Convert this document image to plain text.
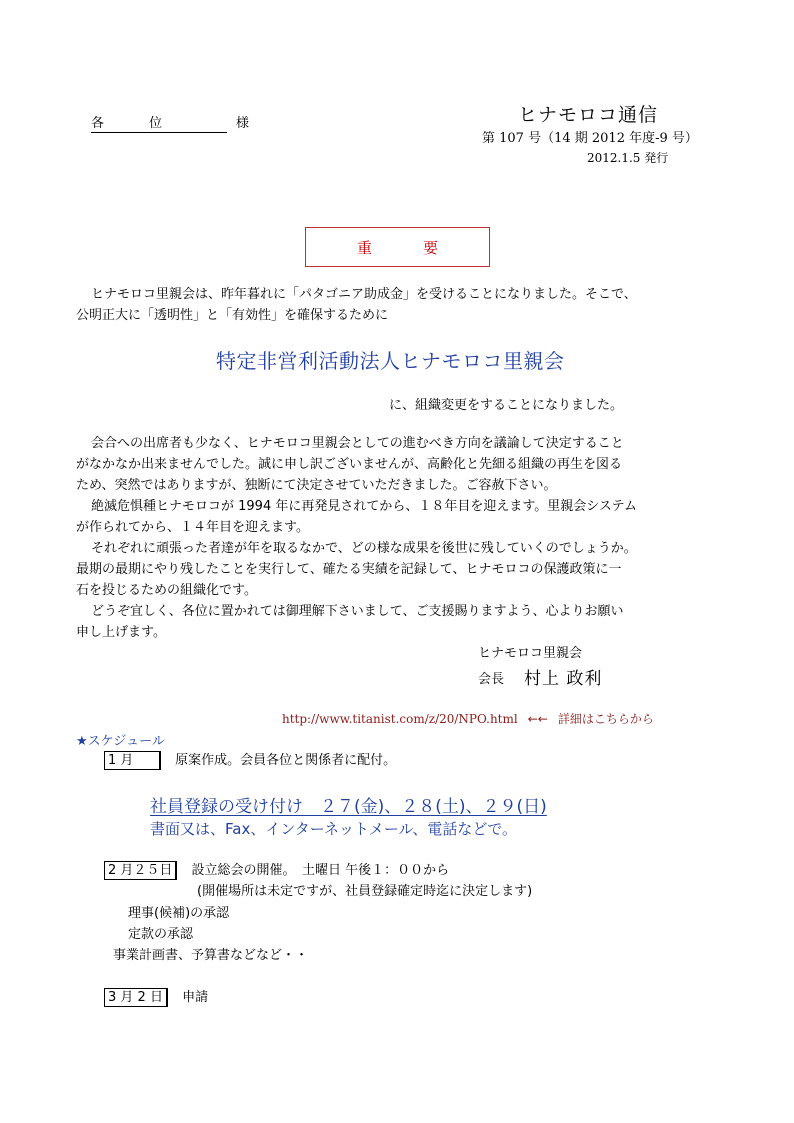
各　位　　様	ヒナモロコ通信
第 107 号（14 期 2012 年度-9 号）
2012.1.5 発行
重　要
ヒナモロコ里親会は、昨年暮れに「パタゴニア助成金」を受けることになりました。そこで、
公明正大に「透明性」と「有効性」を確保するために
特定非営利活動法人ヒナモロコ里親会
に、組織変更をすることになりました。
会合への出席者も少なく、ヒナモロコ里親会としての進むべき方向を議論して決定すること
がなかなか出来ませんでした。誠に申し訳ございませんが、高齢化と先細る組織の再生を図る
ため、突然ではありますが、独断にて決定させていただきました。ご容赦下さい。
絶滅危惧種ヒナモロコが 1994 年に再発見されてから、１８年目を迎えます。里親会システム
が作られてから、１４年目を迎えます。
それぞれに頑張った者達が年を取るなかで、どの様な成果を後世に残していくのでしょうか。
最期の最期にやり残したことを実行して、確たる実績を記録して、ヒナモロコの保護政策に一
石を投じるための組織化です。
どうぞ宜しく、各位に置かれては御理解下さいまして、ご支援賜りますよう、心よりお願い
申し上げます。
ヒナモロコ里親会
会長 村上 政利
http://www.titanist.com/z/20/NPO.html ←← 詳細はこちらから
★スケジュール
1 月	原案作成。会員各位と関係者に配付。
社員登録の受け付け　２７(金)、２８(土)、２９(日)
書面又は、Fax、インターネットメール、電話などで。
2 月２５日 設立総会の開催。　土曜日 午後１：００から
(開催場所は未定ですが、社員登録確定時迄に決定します)
理事(候補)の承認
定款の承認
事業計画書、予算書などなど・・
3 月 2 日 申請
